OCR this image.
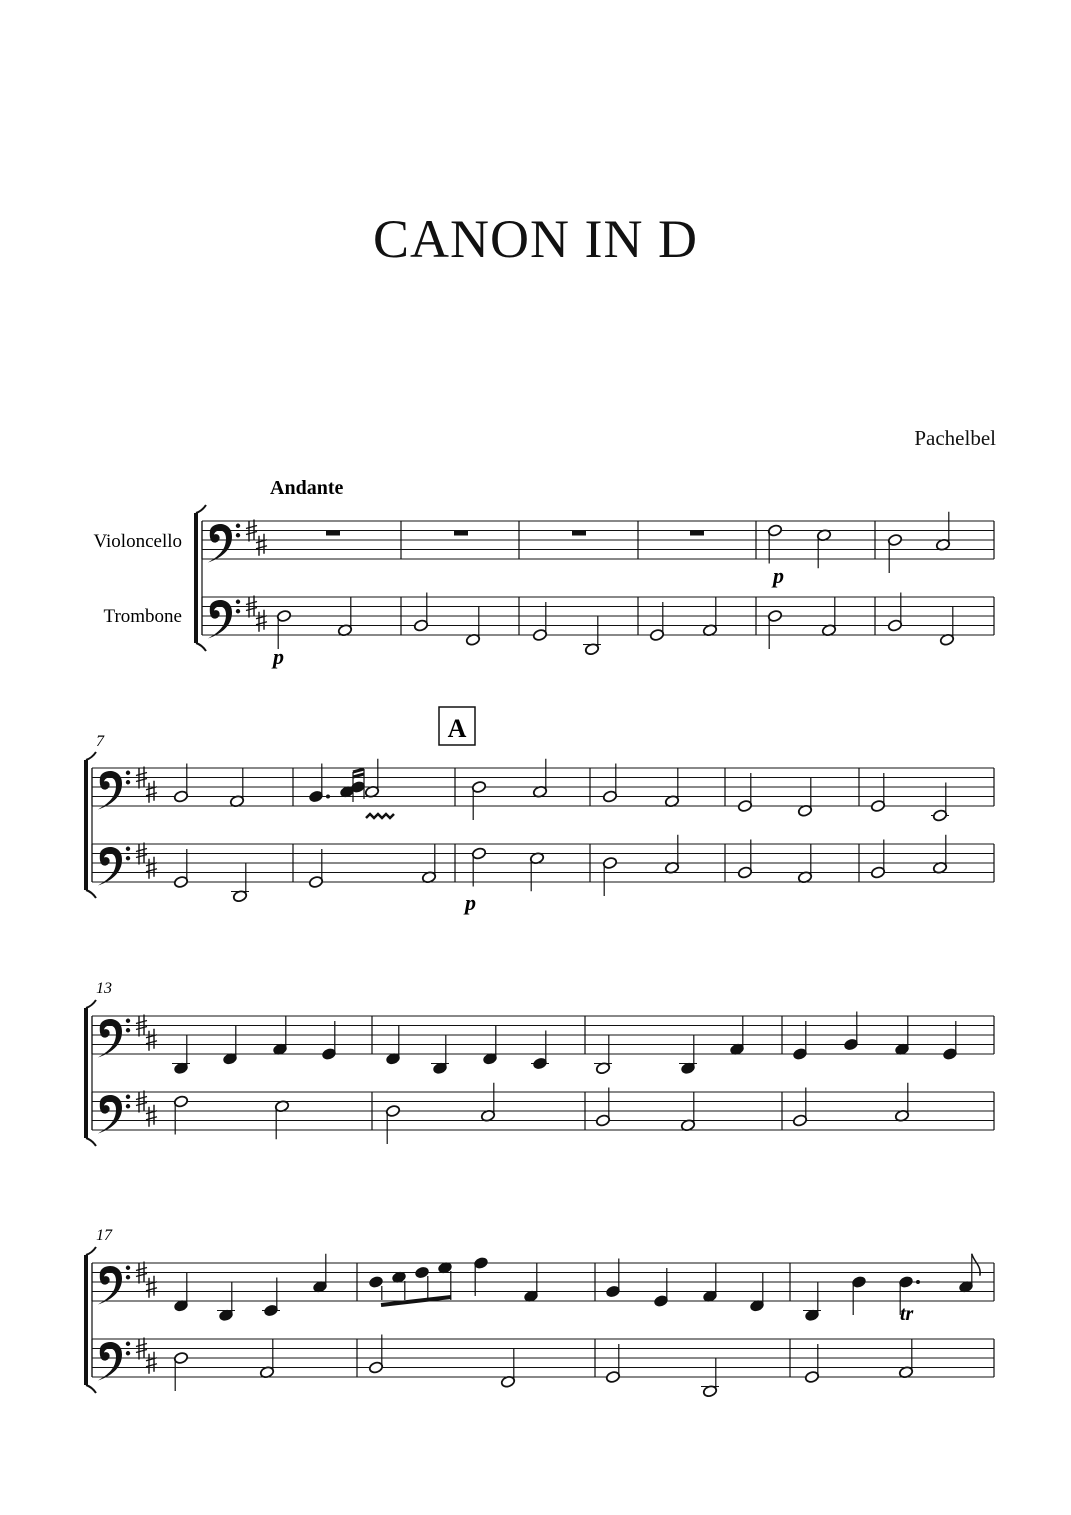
CANON IN D
Pachelbel
Andante
Violoncello
Trombone
A
7
13
17
p
p
p
tr
